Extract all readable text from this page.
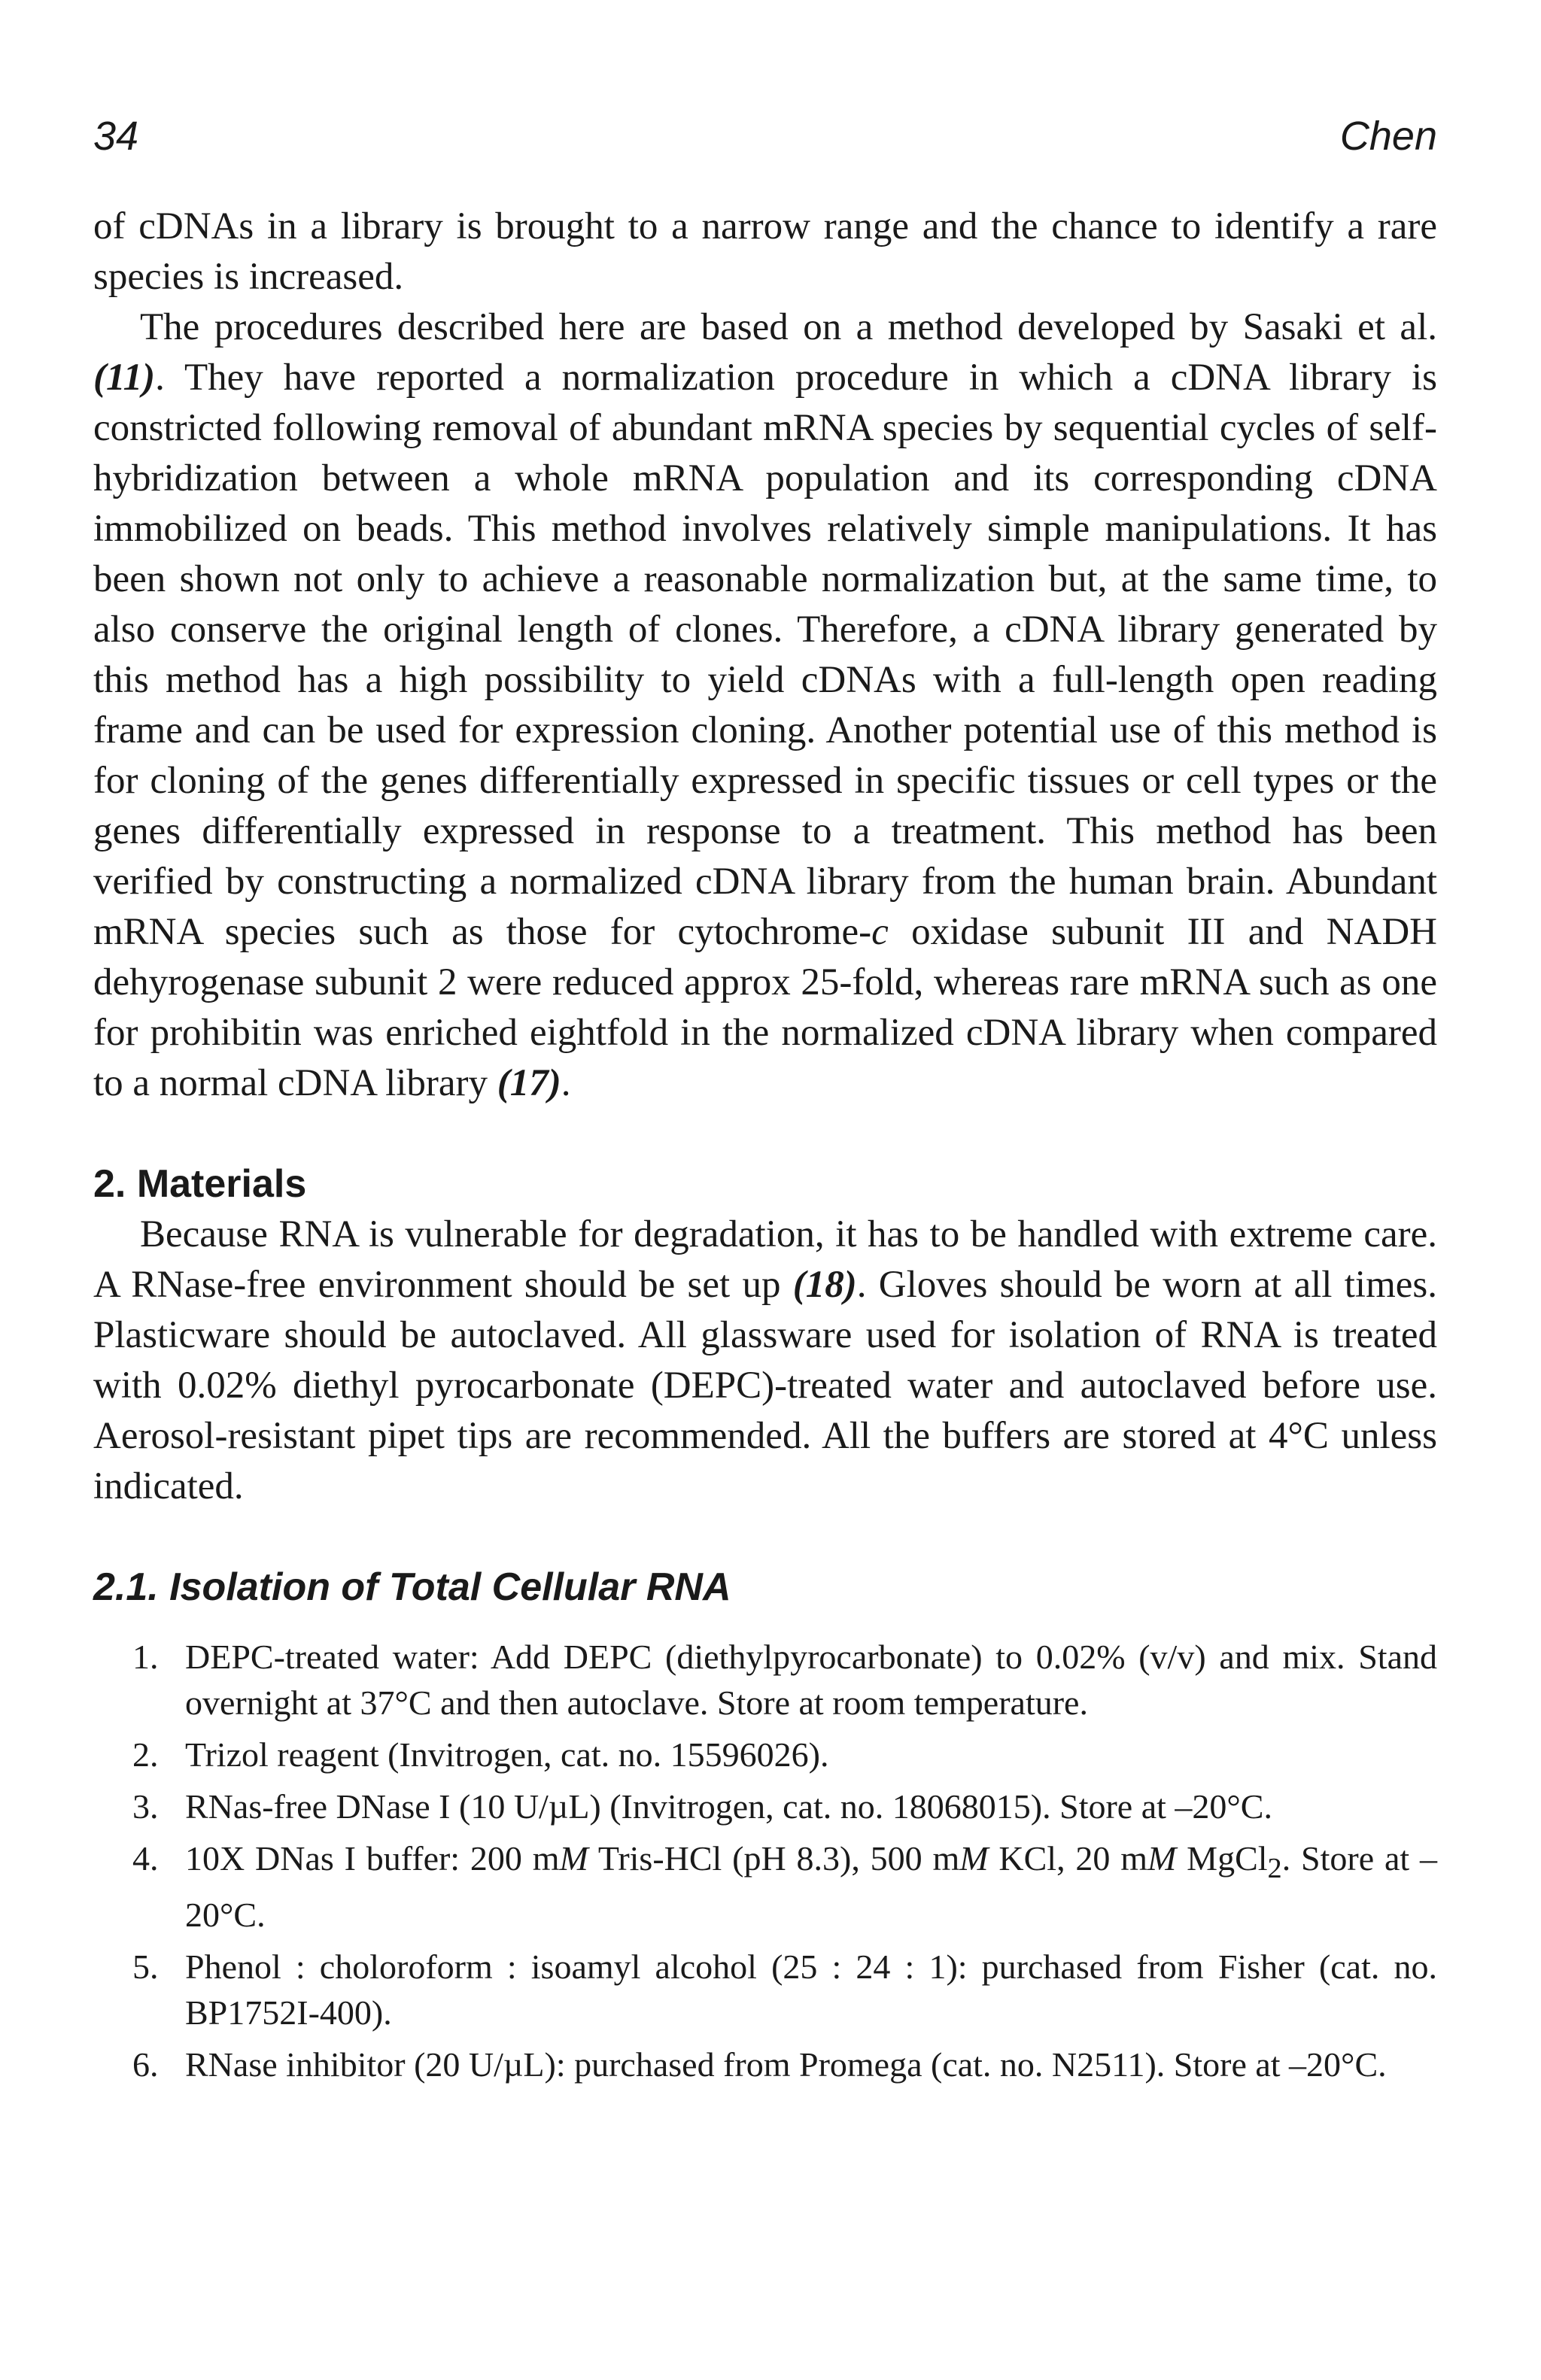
34	Chen

of cDNAs in a library is brought to a narrow range and the chance to identify a rare species is increased.

The procedures described here are based on a method developed by Sasaki et al. (11). They have reported a normalization procedure in which a cDNA library is constricted following removal of abundant mRNA species by sequential cycles of self-hybridization between a whole mRNA population and its corresponding cDNA immobilized on beads. This method involves relatively simple manipulations. It has been shown not only to achieve a reasonable normalization but, at the same time, to also conserve the original length of clones. Therefore, a cDNA library generated by this method has a high possibility to yield cDNAs with a full-length open reading frame and can be used for expression cloning. Another potential use of this method is for cloning of the genes differentially expressed in specific tissues or cell types or the genes differentially expressed in response to a treatment. This method has been verified by constructing a normalized cDNA library from the human brain. Abundant mRNA species such as those for cytochrome-c oxidase subunit III and NADH dehyrogenase subunit 2 were reduced approx 25-fold, whereas rare mRNA such as one for prohibitin was enriched eightfold in the normalized cDNA library when compared to a normal cDNA library (17).

2. Materials

Because RNA is vulnerable for degradation, it has to be handled with extreme care. A RNase-free environment should be set up (18). Gloves should be worn at all times. Plasticware should be autoclaved. All glassware used for isolation of RNA is treated with 0.02% diethyl pyrocarbonate (DEPC)-treated water and autoclaved before use. Aerosol-resistant pipet tips are recommended. All the buffers are stored at 4°C unless indicated.

2.1. Isolation of Total Cellular RNA
1. DEPC-treated water: Add DEPC (diethylpyrocarbonate) to 0.02% (v/v) and mix. Stand overnight at 37°C and then autoclave. Store at room temperature.
2. Trizol reagent (Invitrogen, cat. no. 15596026).
3. RNas-free DNase I (10 U/µL) (Invitrogen, cat. no. 18068015). Store at –20°C.
4. 10X DNas I buffer: 200 mM Tris-HCl (pH 8.3), 500 mM KCl, 20 mM MgCl$_2$. Store at –20°C.
5. Phenol : choloroform : isoamyl alcohol (25 : 24 : 1): purchased from Fisher (cat. no. BP1752I-400).
6. RNase inhibitor (20 U/µL): purchased from Promega (cat. no. N2511). Store at –20°C.
